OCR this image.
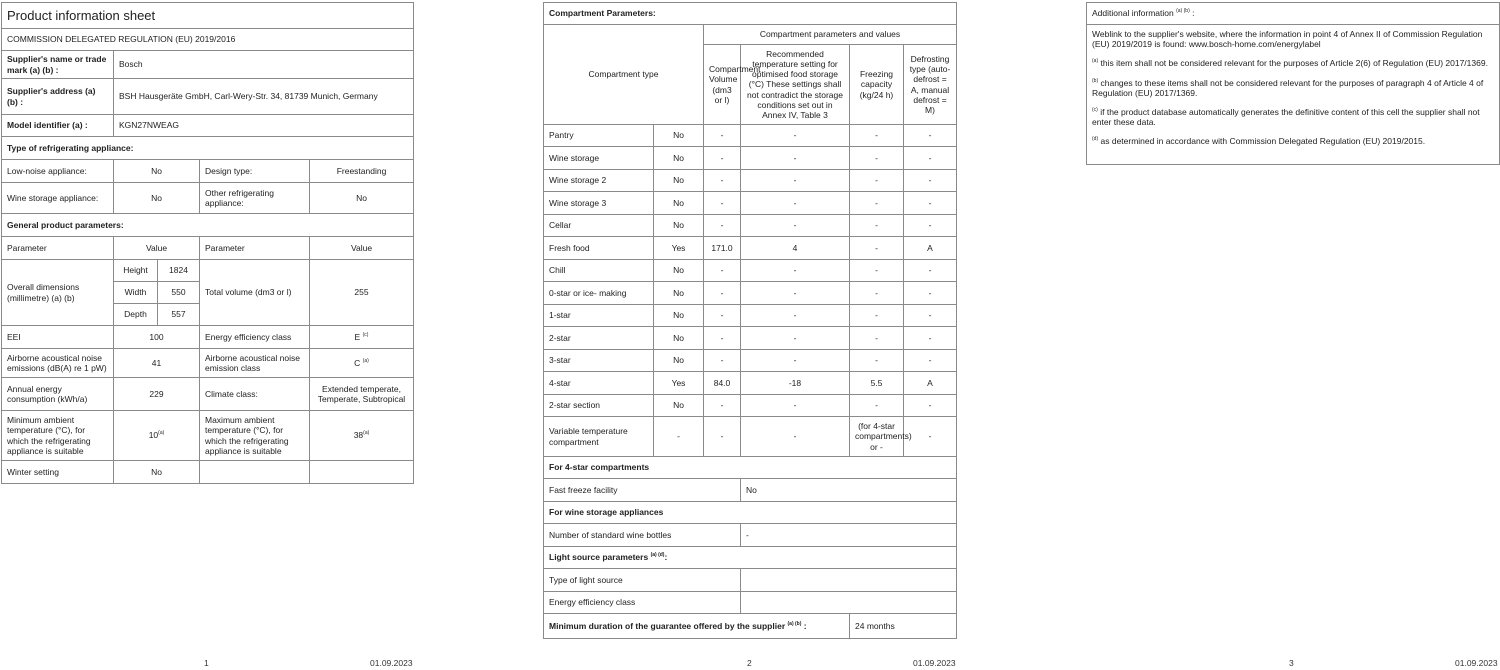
Product information sheet				
COMMISSION DELEGATED REGULATION (EU) 2019/2016				
Supplier's name or trade mark (a) (b) :	Bosch			
Supplier's address (a) (b) :	BSH Hausgeräte GmbH, Carl-Wery-Str. 34, 81739 Munich, Germany			
Model identifier (a) :	KGN27NWEAG			
Type of refrigerating appliance:				
Low-noise appliance:	No		Design type:	Freestanding
Wine storage appliance:	No		Other refrigerating appliance:	No
General product parameters:				
Parameter	Value		Parameter	Value
Overall dimensions (millimetre) (a) (b)	Height	1824	Total volume (dm3 or l)	255
	Width	550		
	Depth	557		
EEI	100		Energy efficiency class	E $^{(c)}$
Airborne acoustical noise emissions (dB(A) re 1 pW)	41		Airborne acoustical noise emission class	C $^{(a)}$
Annual energy consumption (kWh/a)	229		Climate class:	Extended temperate, Temperate, Subtropical
Minimum ambient temperature (°C), for which the refrigerating appliance is suitable	10$^{(a)}$		Maximum ambient temperature (°C), for which the refrigerating appliance is suitable	38$^{(a)}$
Winter setting	No			
1	01.09.2023
Compartment Parameters:					
Compartment type		Compartment parameters and values			
		Compartment Volume (dm3 or l)	Recommended temperature setting for optimised food storage (°C) These settings shall not contradict the storage conditions set out in Annex IV, Table 3	Freezing capacity (kg/24 h)	Defrosting type (auto-defrost = A, manual defrost = M)
Pantry	No	-	-	-	-
Wine storage	No	-	-	-	-
Wine storage 2	No	-	-	-	-
Wine storage 3	No	-	-	-	-
Cellar	No	-	-	-	-
Fresh food	Yes	171.0	4	-	A
Chill	No	-	-	-	-
0-star or ice- making	No	-	-	-	-
1-star	No	-	-	-	-
2-star	No	-	-	-	-
3-star	No	-	-	-	-
4-star	Yes	84.0	-18	5.5	A
2-star section	No	-	-	-	-
Variable temperature compartment	-	-	-	(for 4-star compartments) or -	-
For 4-star compartments					
Fast freeze facility			No		
For wine storage appliances					
Number of standard wine bottles			-		
Light source parameters $^{(a) (d)}$:					
Type of light source					
Energy efficiency class					
Minimum duration of the guarantee offered by the supplier $^{(a) (b)}$ :				24 months	
2	01.09.2023
Additional information $^{(a) (b)}$ :

Weblink to the supplier's website, where the information in point 4 of Annex II of Commission Regulation (EU) 2019/2019 is found: www.bosch-home.com/energylabel
$^{(a)}$ this item shall not be considered relevant for the purposes of Article 2(6) of Regulation (EU) 2017/1369.
$^{(b)}$ changes to these items shall not be considered relevant for the purposes of paragraph 4 of Article 4 of Regulation (EU) 2017/1369.
$^{(c)}$ if the product database automatically generates the definitive content of this cell the supplier shall not enter these data.
$^{(d)}$ as determined in accordance with Commission Delegated Regulation (EU) 2019/2015.
3	01.09.2023
